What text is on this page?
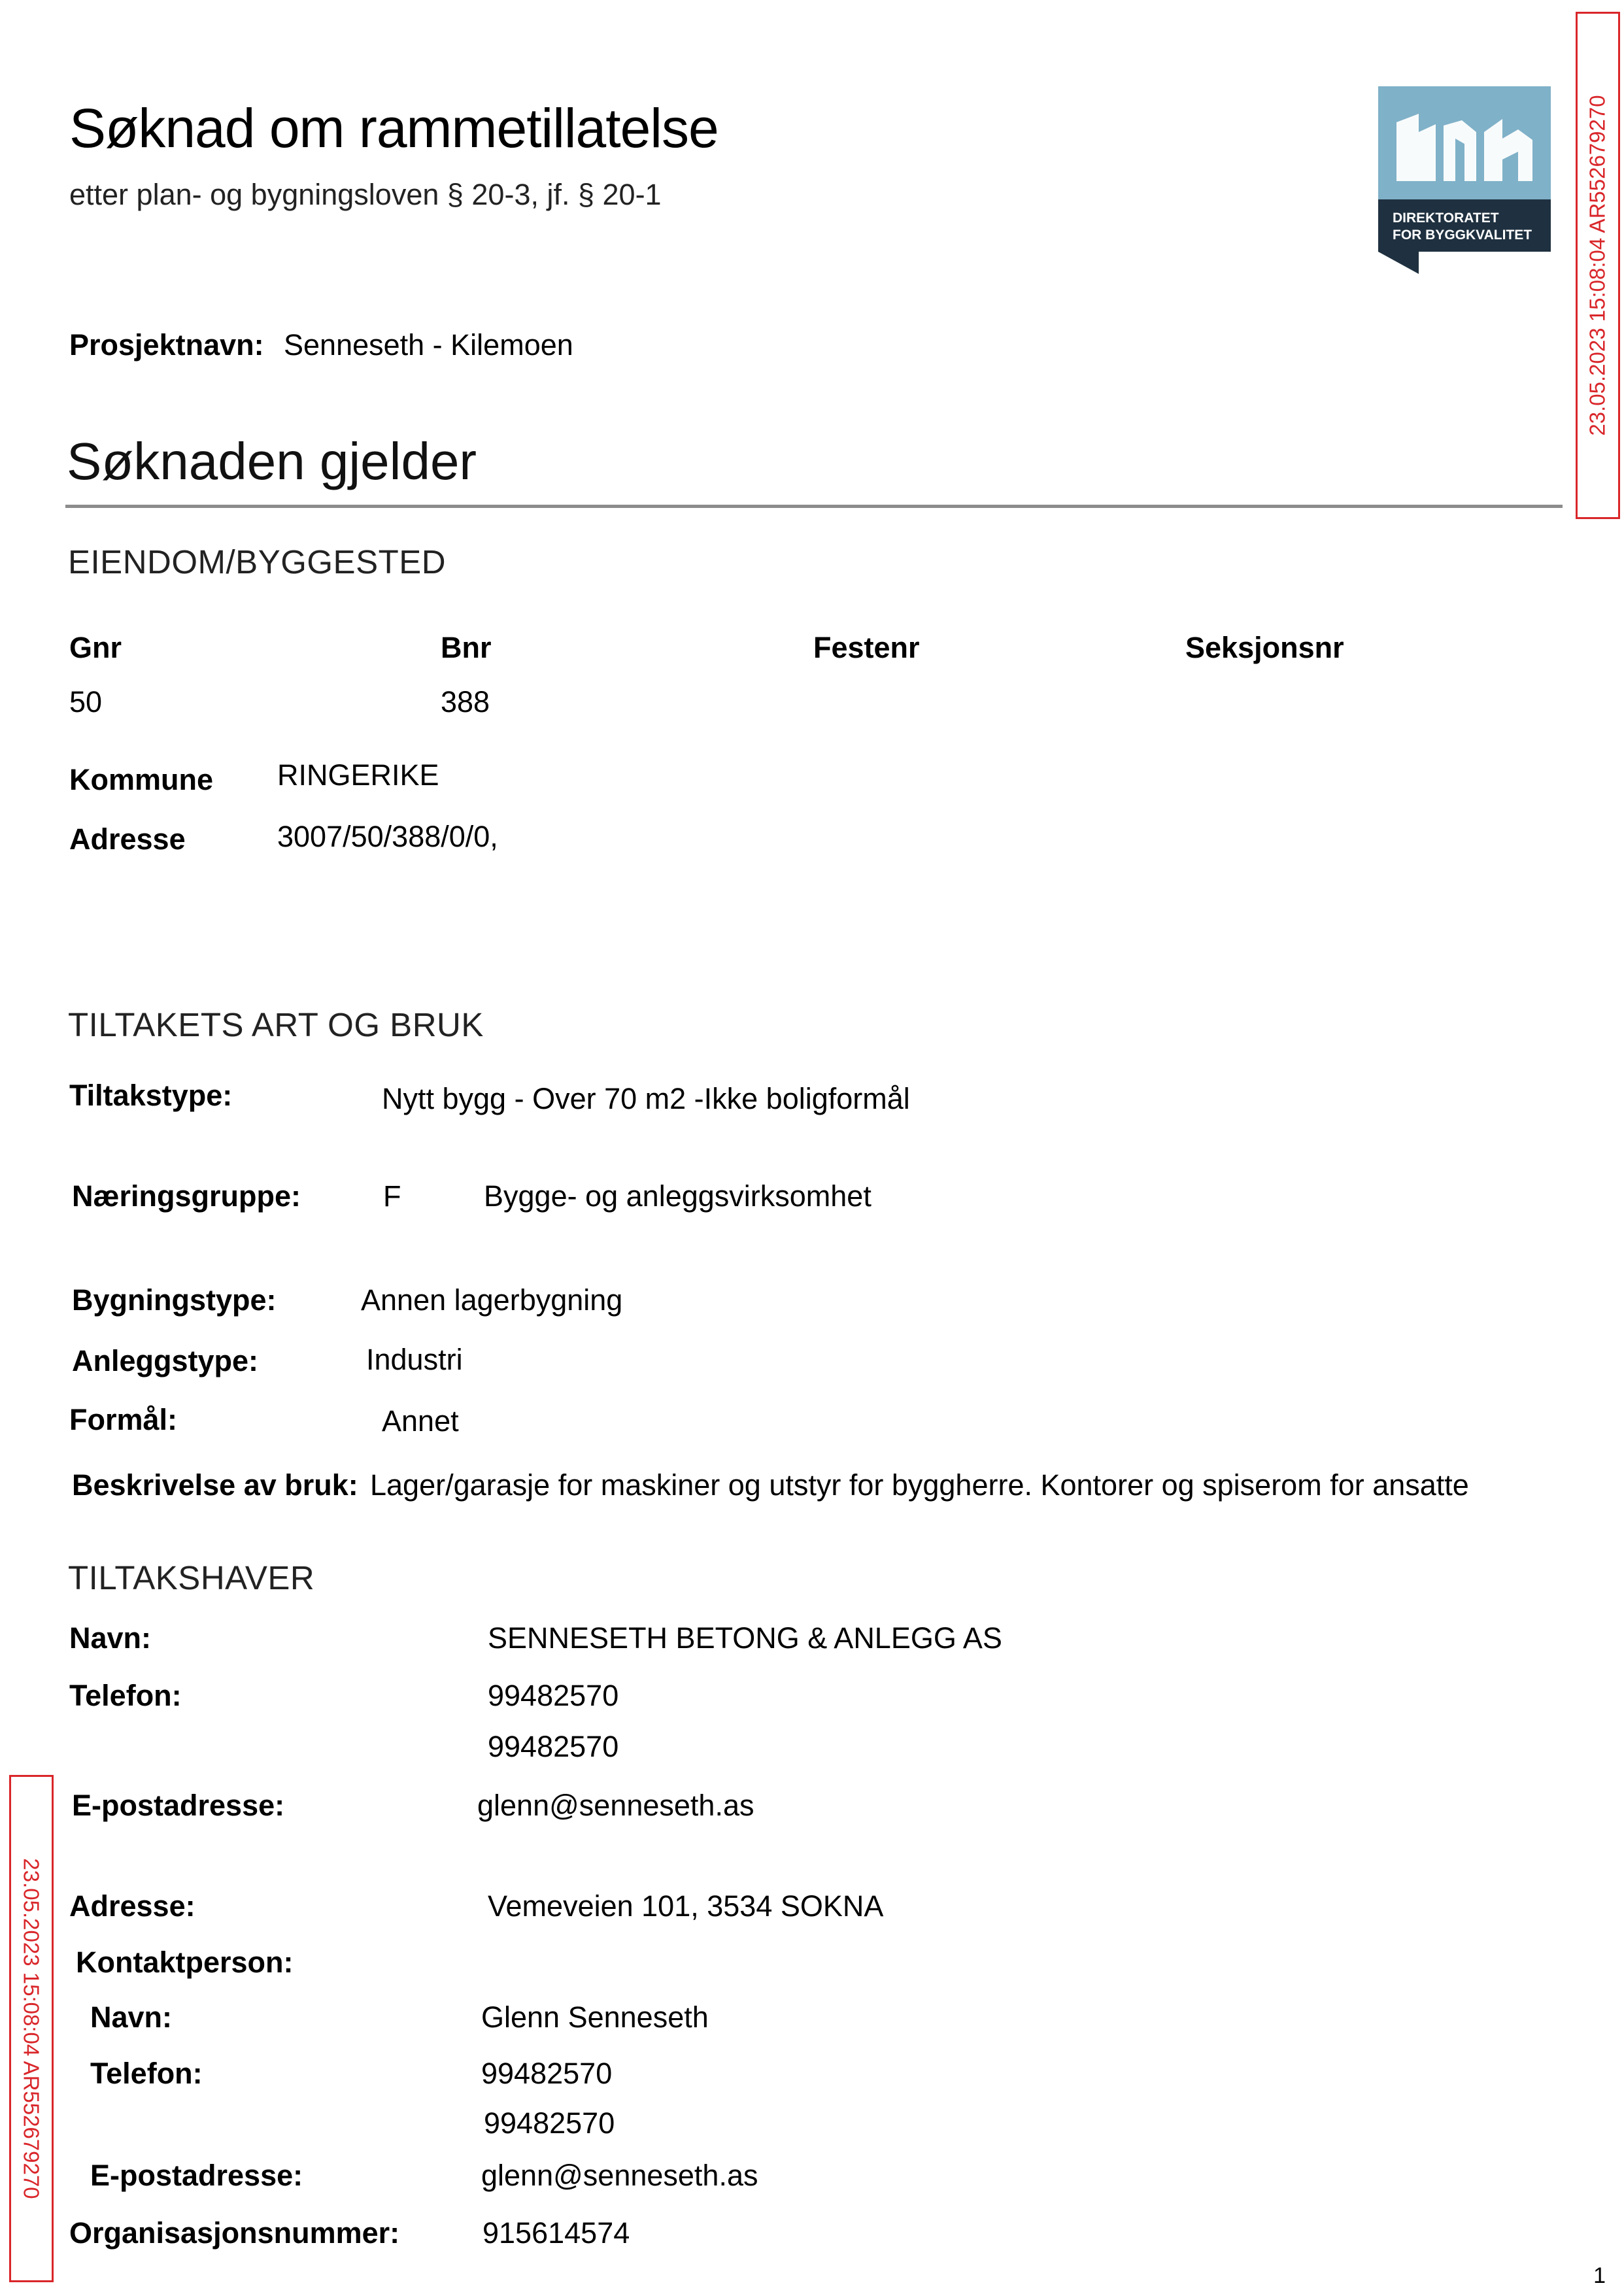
Søknad om rammetillatelse
etter plan- og bygningsloven § 20-3, jf. § 20-1
DIREKTORATET
FOR BYGGKVALITET 23.05.2023 15:08:04 AR552679270
23.05.2023 15:08:04 AR552679270
Prosjektnavn: Senneseth - Kilemoen
Søknaden gjelder
EIENDOM/BYGGESTED
Gnr	Bnr	Festenr	Seksjonsnr
50	388
Kommune RINGERIKE
Adresse	3007/50/388/0/0,
TILTAKETS ART OG BRUK
Tiltakstype:	Nytt bygg - Over 70 m2 -Ikke boligformål
Næringsgruppe:	F	Bygge- og anleggsvirksomhet
Bygningstype:	Annen lagerbygning
Anleggstype:	Industri
Formål:	Annet
Beskrivelse av bruk: Lager/garasje for maskiner og utstyr for byggherre. Kontorer og spiserom for ansatte
TILTAKSHAVER
Navn:	SENNESETH BETONG & ANLEGG AS
Telefon:	99482570
99482570
E-postadresse:	glenn@senneseth.as
Adresse:	Vemeveien 101, 3534 SOKNA
Kontaktperson:
Navn:	Glenn Senneseth
Telefon:	99482570
99482570
E-postadresse:	glenn@senneseth.as
Organisasjonsnummer:	915614574
1
